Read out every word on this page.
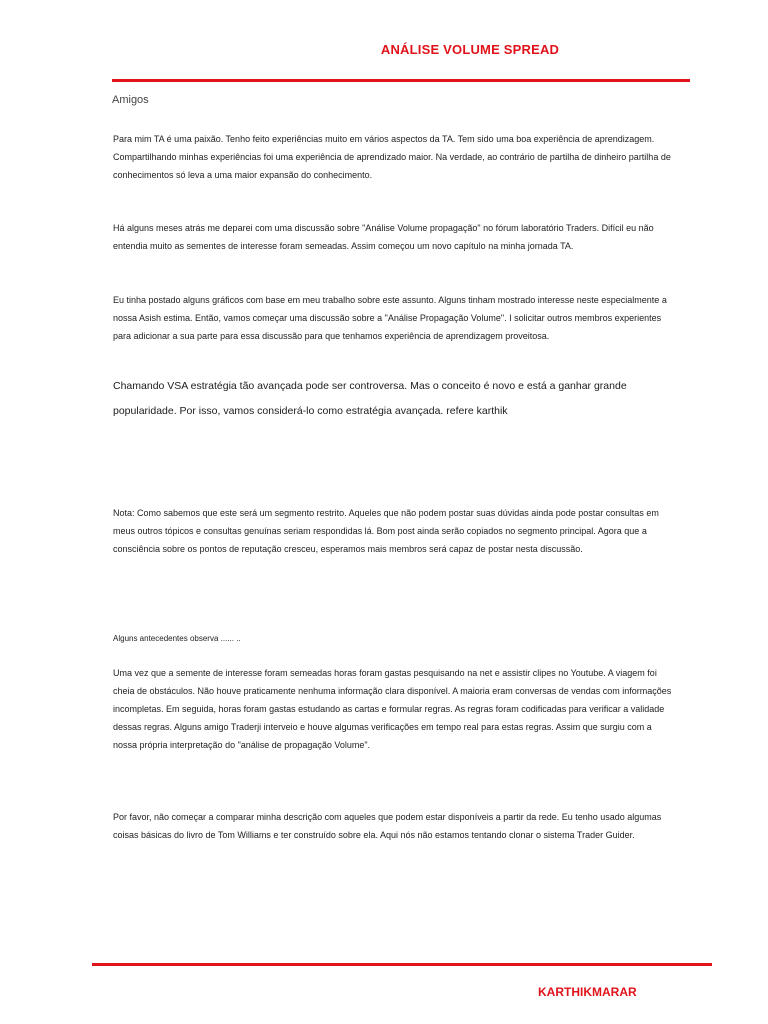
ANÁLISE VOLUME SPREAD
Amigos

Para mim TA é uma paixão. Tenho feito experiências muito em vários aspectos da TA. Tem sido uma boa experiência de aprendizagem. Compartilhando minhas experiências foi uma experiência de aprendizado maior. Na verdade, ao contrário de partilha de dinheiro partilha de conhecimentos só leva a uma maior expansão do conhecimento.

Há alguns meses atrás me deparei com uma discussão sobre "Análise Volume propagação" no fórum laboratório Traders. Difícil eu não entendia muito as sementes de interesse foram semeadas. Assim começou um novo capítulo na minha jornada TA.

Eu tinha postado alguns gráficos com base em meu trabalho sobre este assunto. Alguns tinham mostrado interesse neste especialmente a nossa Asish estima. Então, vamos começar uma discussão sobre a "Análise Propagação Volume". I solicitar outros membros experientes para adicionar a sua parte para essa discussão para que tenhamos experiência de aprendizagem proveitosa.

Chamando VSA estratégia tão avançada pode ser controversa. Mas o conceito é novo e está a ganhar grande popularidade. Por isso, vamos considerá-lo como estratégia avançada. refere karthik

Nota: Como sabemos que este será um segmento restrito. Aqueles que não podem postar suas dúvidas ainda pode postar consultas em meus outros tópicos e consultas genuínas seriam respondidas lá. Bom post ainda serão copiados no segmento principal. Agora que a consciência sobre os pontos de reputação cresceu, esperamos mais membros será capaz de postar nesta discussão.

Alguns antecedentes observa ...... ..

Uma vez que a semente de interesse foram semeadas horas foram gastas pesquisando na net e assistir clipes no Youtube. A viagem foi cheia de obstáculos. Não houve praticamente nenhuma informação clara disponível. A maioria eram conversas de vendas com informações incompletas. Em seguida, horas foram gastas estudando as cartas e formular regras. As regras foram codificadas para verificar a validade dessas regras. Alguns amigo Traderji interveio e houve algumas verificações em tempo real para estas regras. Assim que surgiu com a nossa própria interpretação do "análise de propagação Volume".

Por favor, não começar a comparar minha descrição com aqueles que podem estar disponíveis a partir da rede. Eu tenho usado algumas coisas básicas do livro de Tom Williams e ter construído sobre ela. Aqui nós não estamos tentando clonar o sistema Trader Guider.

KARTHIKMARAR
